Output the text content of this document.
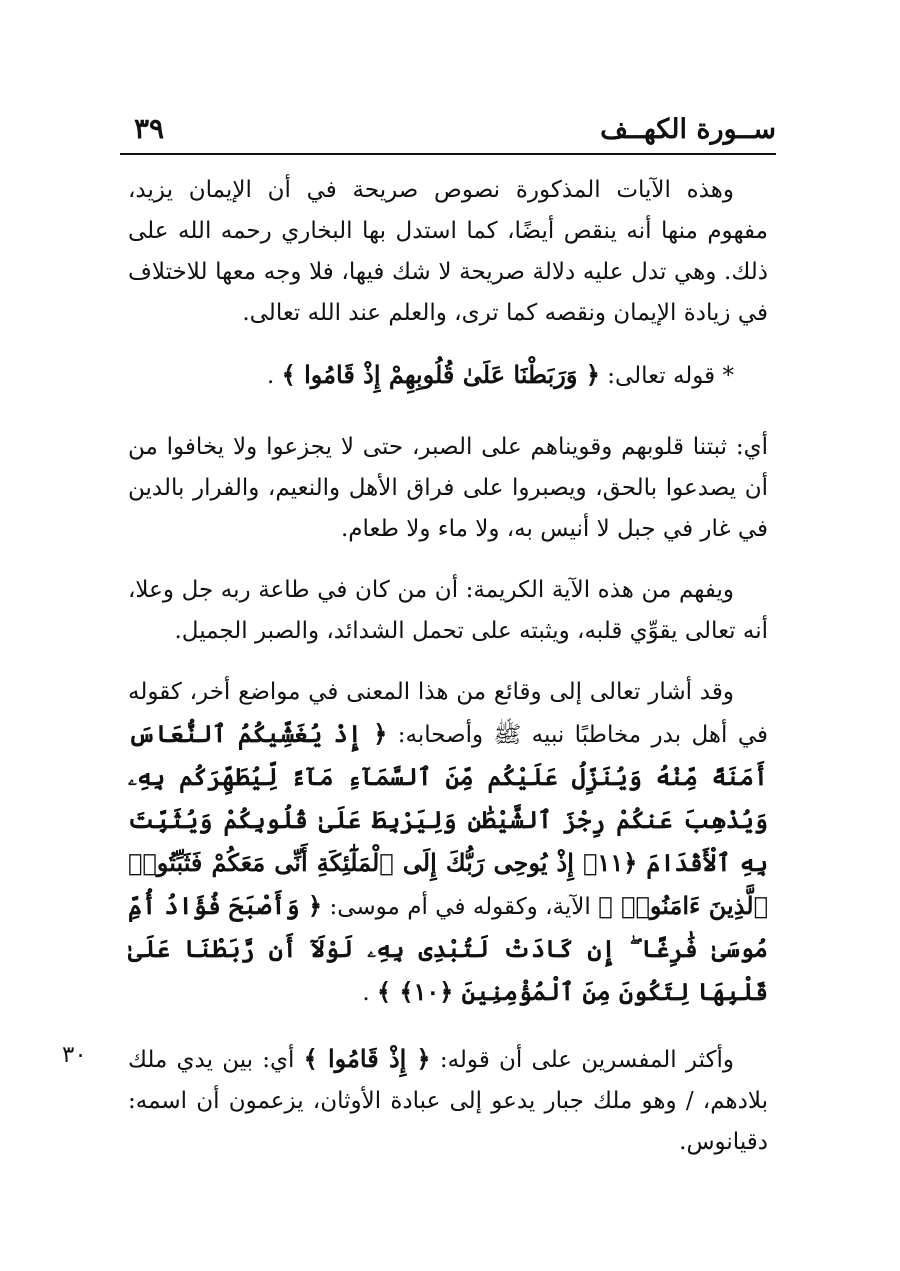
ســورة الكهــف
٣٩

وهذه الآيات المذكورة نصوص صريحة في أن الإيمان يزيد، مفهوم منها أنه ينقص أيضًا، كما استدل بها البخاري رحمه الله على ذلك. وهي تدل عليه دلالة صريحة لا شك فيها، فلا وجه معها للاختلاف في زيادة الإيمان ونقصه كما ترى، والعلم عند الله تعالى.

* قوله تعالى: ﴿ وَرَبَطْنَا عَلَىٰ قُلُوبِهِمْ إِذْ قَامُوا ﴾ .

أي: ثبتنا قلوبهم وقويناهم على الصبر، حتى لا يجزعوا ولا يخافوا من أن يصدعوا بالحق، ويصبروا على فراق الأهل والنعيم، والفرار بالدين في غار في جبل لا أنيس به، ولا ماء ولا طعام.

ويفهم من هذه الآية الكريمة: أن من كان في طاعة ربه جل وعلا، أنه تعالى يقوِّي قلبه، ويثبته على تحمل الشدائد، والصبر الجميل.

وقد أشار تعالى إلى وقائع من هذا المعنى في مواضع أخر، كقوله في أهل بدر مخاطبًا نبيه ﷺ وأصحابه: ﴿ إِذْ يُغَشِّيكُمُ ٱلنُّعَاسَ أَمَنَةً مِّنْهُ وَيُنَزِّلُ عَلَيْكُم مِّنَ ٱلسَّمَآءِ مَآءً لِّيُطَهِّرَكُم بِهِۦ وَيُذْهِبَ عَنكُمْ رِجْزَ ٱلشَّيْطَٰنِ وَلِيَرْبِطَ عَلَىٰ قُلُوبِكُمْ وَيُثَبِّتَ بِهِ ٱلْأَقْدَامَ ﴿١١﴾ إِذْ يُوحِى رَبُّكَ إِلَى ٱلْمَلَٰٓئِكَةِ أَنِّى مَعَكُمْ فَثَبِّتُوا۟ ٱلَّذِينَ ءَامَنُوا۟ ﴾ الآية، وكقوله في أم موسى: ﴿ وَأَصْبَحَ فُؤَادُ أُمِّ مُوسَىٰ فَٰرِغًا ۖ إِن كَادَتْ لَتُبْدِى بِهِۦ لَوْلَآ أَن رَّبَطْنَا عَلَىٰ قَلْبِهَا لِتَكُونَ مِنَ ٱلْمُؤْمِنِينَ ﴿١٠﴾ ﴾ .

وأكثر المفسرين على أن قوله: ﴿ إِذْ قَامُوا ﴾ أي: بين يدي ملك بلادهم، / وهو ملك جبار يدعو إلى عبادة الأوثان، يزعمون أن اسمه: دقيانوس.

٣٠
